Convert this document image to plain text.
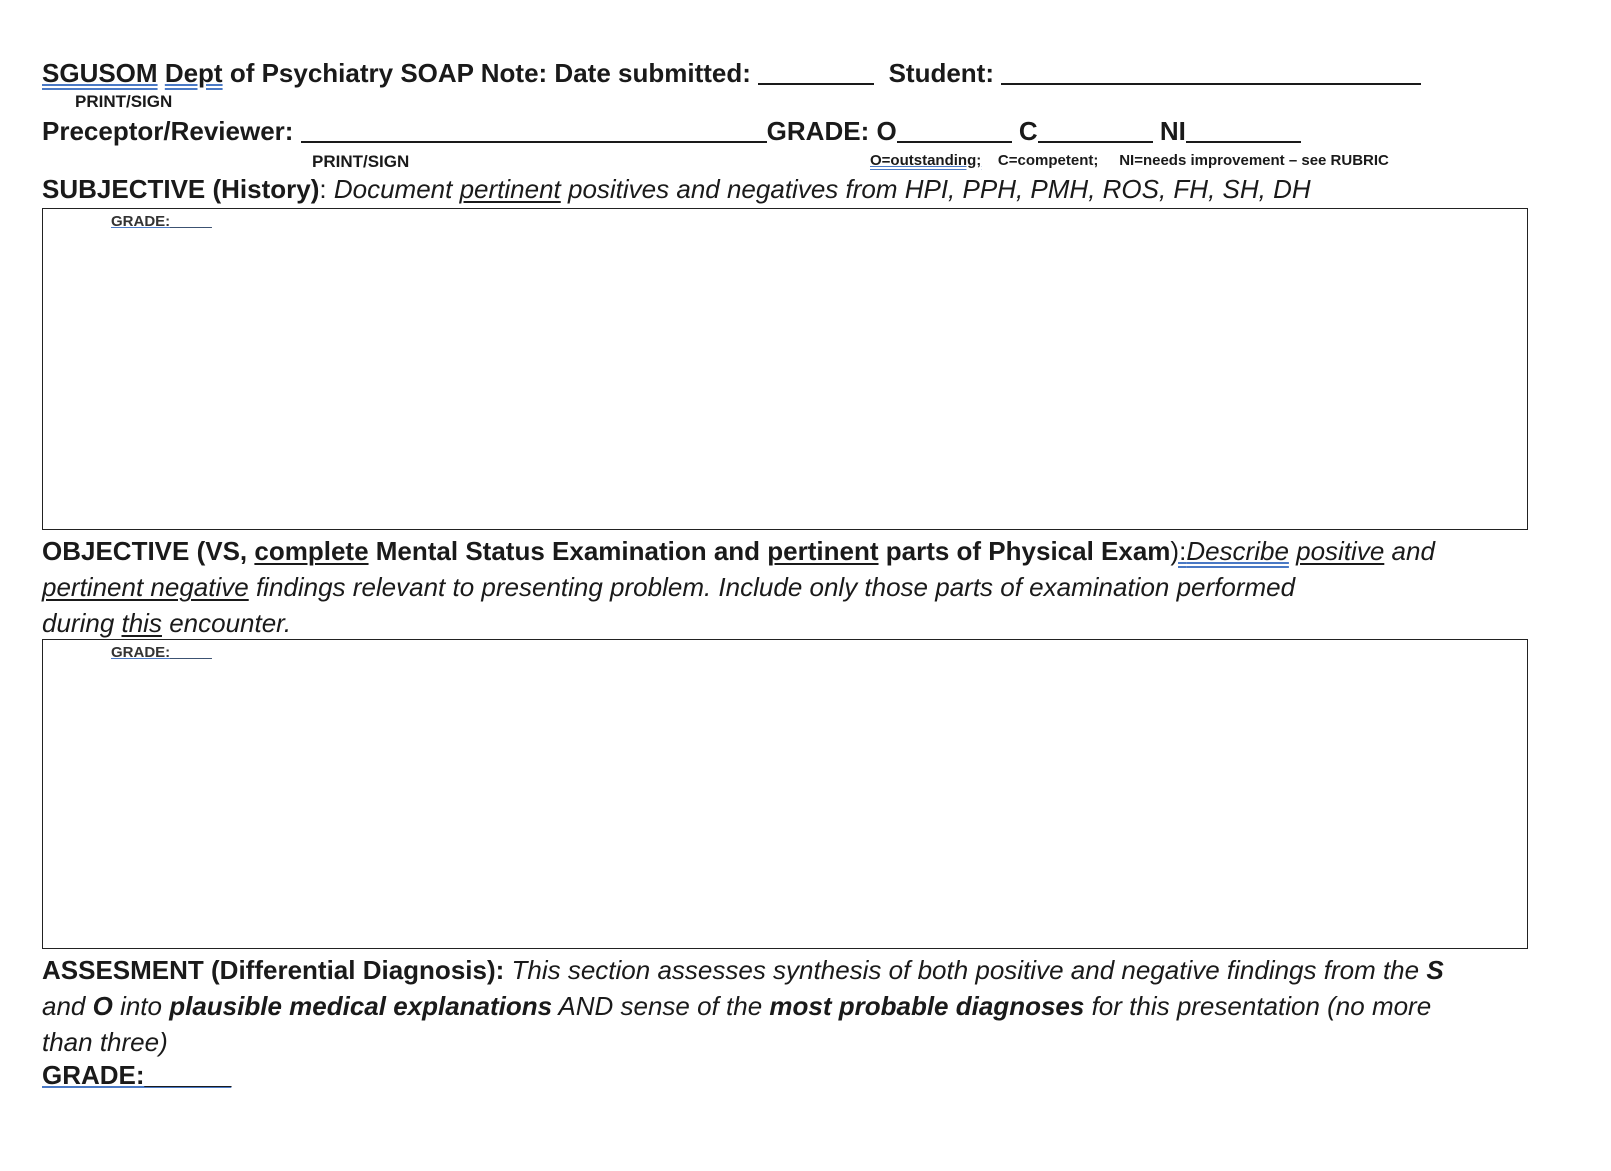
SGUSOM Dept of Psychiatry SOAP Note: Date submitted:	Student:
PRINT/SIGN
Preceptor/Reviewer:	GRADE: O	C	NI
PRINT/SIGN	O=outstanding; C=competent; NI=needs improvement – see RUBRIC
SUBJECTIVE (History): Document pertinent positives and negatives from HPI, PPH, PMH, ROS, FH, SH, DH
GRADE:_____
OBJECTIVE (VS, complete Mental Status Examination and pertinent parts of Physical Exam):Describe positive and
pertinent negative findings relevant to presenting problem. Include only those parts of examination performed
during this encounter.
GRADE:_____
ASSESMENT (Differential Diagnosis): This section assesses synthesis of both positive and negative findings from the S
and O into plausible medical explanations AND sense of the most probable diagnoses for this presentation (no more
than three)
GRADE:______
